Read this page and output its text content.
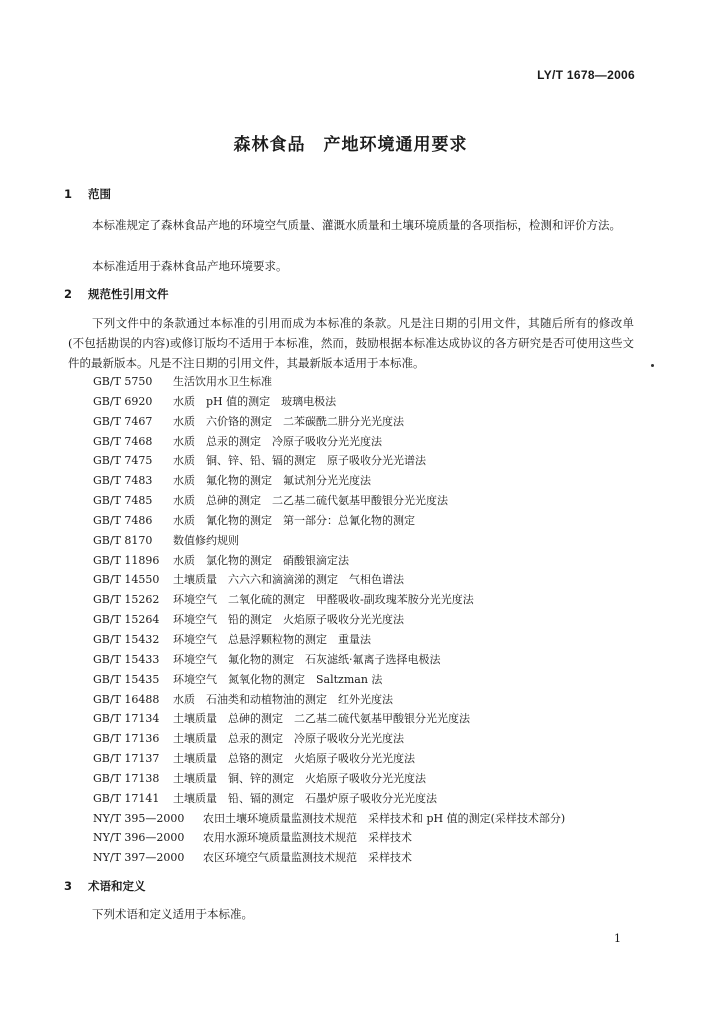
LY/T 1678—2006
森林食品　产地环境通用要求
1 范围
本标准规定了森林食品产地的环境空气质量、灌溉水质量和土壤环境质量的各项指标，检测和评价方法。
本标准适用于森林食品产地环境要求。
2 规范性引用文件
下列文件中的条款通过本标准的引用而成为本标准的条款。凡是注日期的引用文件，其随后所有的修改单(不包括勘误的内容)或修订版均不适用于本标准，然而，鼓励根据本标准达成协议的各方研究是否可使用这些文件的最新版本。凡是不注日期的引用文件，其最新版本适用于本标准。
GB/T 5750 生活饮用水卫生标准
GB/T 6920 水质　pH 值的测定　玻璃电极法
GB/T 7467 水质　六价铬的测定　二苯碳酰二肼分光光度法
GB/T 7468 水质　总汞的测定　冷原子吸收分光光度法
GB/T 7475 水质　铜、锌、铅、镉的测定　原子吸收分光光谱法
GB/T 7483 水质　氟化物的测定　氟试剂分光光度法
GB/T 7485 水质　总砷的测定　二乙基二硫代氨基甲酸银分光光度法
GB/T 7486 水质　氰化物的测定　第一部分：总氰化物的测定
GB/T 8170 数值修约规则
GB/T 11896 水质　氯化物的测定　硝酸银滴定法
GB/T 14550 土壤质量　六六六和滴滴涕的测定　气相色谱法
GB/T 15262 环境空气　二氧化硫的测定　甲醛吸收-副玫瑰苯胺分光光度法
GB/T 15264 环境空气　铅的测定　火焰原子吸收分光光度法
GB/T 15432 环境空气　总悬浮颗粒物的测定　重量法
GB/T 15433 环境空气　氟化物的测定　石灰滤纸·氟离子选择电极法
GB/T 15435 环境空气　氮氧化物的测定　Saltzman 法
GB/T 16488 水质　石油类和动植物油的测定　红外光度法
GB/T 17134 土壤质量　总砷的测定　二乙基二硫代氨基甲酸银分光光度法
GB/T 17136 土壤质量　总汞的测定　冷原子吸收分光光度法
GB/T 17137 土壤质量　总铬的测定　火焰原子吸收分光光度法
GB/T 17138 土壤质量　铜、锌的测定　火焰原子吸收分光光度法
GB/T 17141 土壤质量　铅、镉的测定　石墨炉原子吸收分光光度法
NY/T 395—2000 农田土壤环境质量监测技术规范　采样技术和 pH 值的测定(采样技术部分)
NY/T 396—2000 农用水源环境质量监测技术规范　采样技术
NY/T 397—2000 农区环境空气质量监测技术规范　采样技术
3 术语和定义
下列术语和定义适用于本标准。
1
